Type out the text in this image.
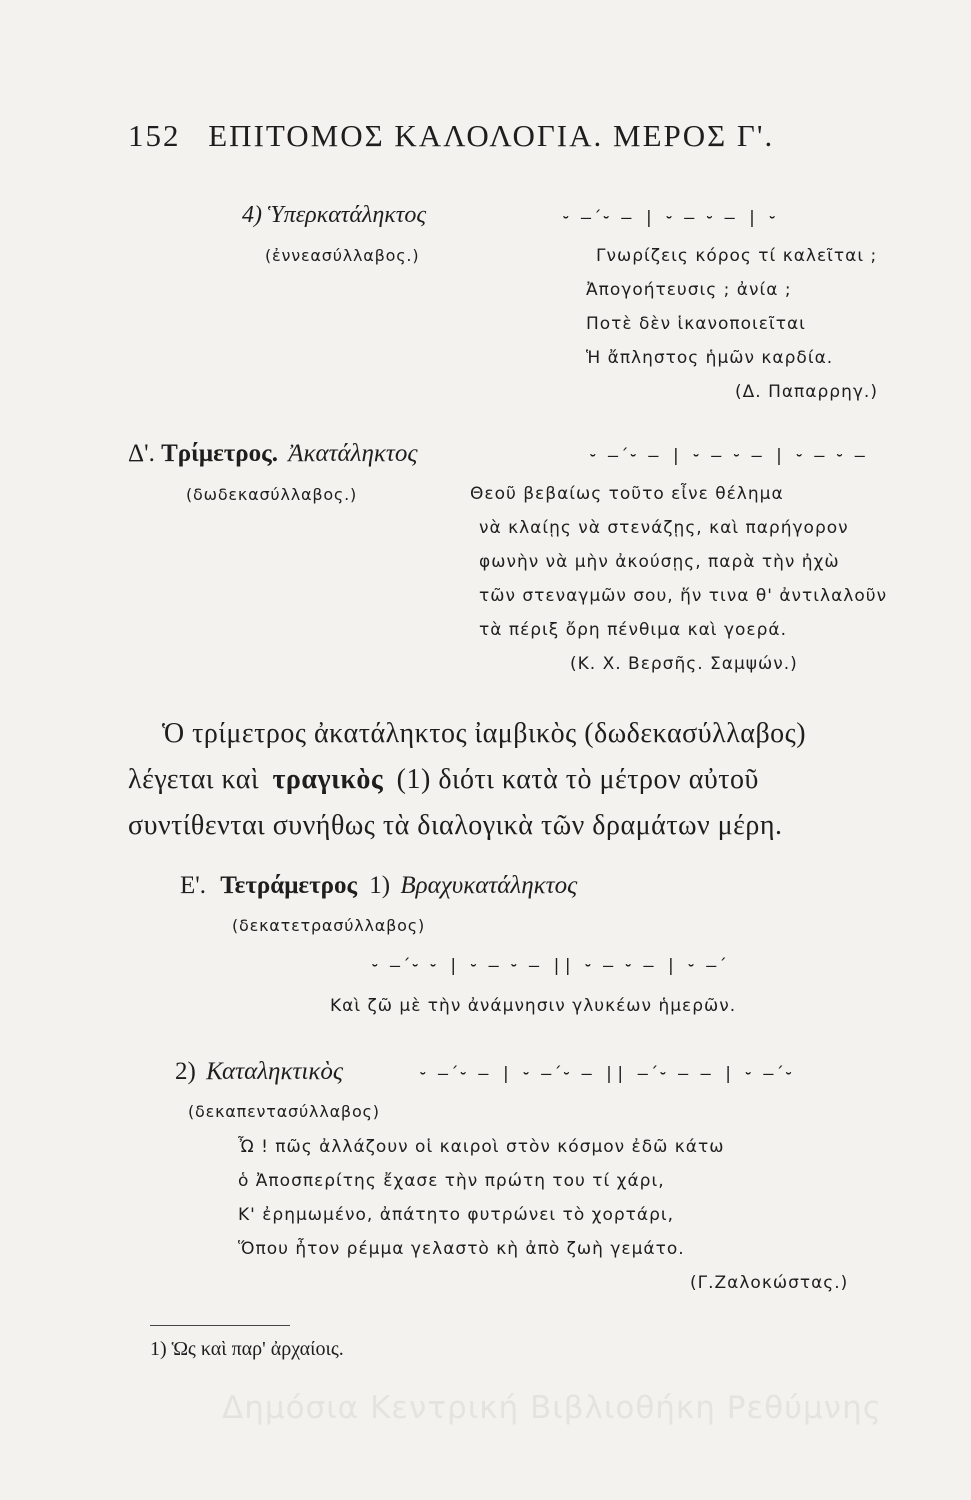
152 ΕΠΙΤΟΜΟΣ ΚΑΛΟΛΟΓΙΑ. ΜΕΡΟΣ Γ'.
4) Ὑπερκατάληκτος	⏑ –΄⏑ – | ⏑ – ⏑ – | ⏑
(ἐννεασύλλαβος.)	Γνωρίζεις κόρος τί καλεῖται ;
Ἀπογοήτευσις ; ἀνία ;
Ποτὲ δὲν ἱκανοποιεῖται
Ἡ ἄπληστος ἡμῶν καρδία.
(Δ. Παπαρρηγ.)
Δ'. Τρίμετρος. Ἀκατάληκτος	⏑ –΄⏑ – | ⏑ – ⏑ – | ⏑ – ⏑ –
(δωδεκασύλλαβος.)	Θεοῦ βεβαίως τοῦτο εἶνε θέλημα
νὰ κλαίῃς νὰ στενάζῃς, καὶ παρήγορον
φωνὴν νὰ μὴν ἀκούσῃς, παρὰ τὴν ἠχὼ
τῶν στεναγμῶν σου, ἥν τινα θ' ἀντιλαλοῦν
τὰ πέριξ ὄρη πένθιμα καὶ γοερά.
(Κ. Χ. Βερσῆς. Σαμψών.)
Ὁ τρίμετρος ἀκατάληκτος ἰαμβικὸς (δωδεκασύλλαβος)
λέγεται καὶ τραγικὸς (1) διότι κατὰ τὸ μέτρον αὐτοῦ
συντίθενται συνήθως τὰ διαλογικὰ τῶν δραμάτων μέρη.
Ε'. Τετράμετρος 1) Βραχυκατάληκτος
(δεκατετρασύλλαβος)
⏑ –΄⏑ ⏑ | ⏑ – ⏑ – || ⏑ – ⏑ – | ⏑ –΄
Καὶ ζῶ μὲ τὴν ἀνάμνησιν γλυκέων ἡμερῶν.
2) Καταληκτικὸς	⏑ –΄⏑ – | ⏑ –΄⏑ – || –΄⏑ – – | ⏑ –΄⏑
(δεκαπεντασύλλαβος)
Ὦ ! πῶς ἀλλάζουν οἱ καιροὶ στὸν κόσμον ἐδῶ κάτω
ὁ Ἀποσπερίτης ἔχασε τὴν πρώτη του τί χάρι,
Κ' ἐρημωμένο, ἀπάτητο φυτρώνει τὸ χορτάρι,
Ὅπου ἦτον ρέμμα γελαστὸ κὴ ἀπὸ ζωὴ γεμάτο.
(Γ.Ζαλοκώστας.)
1) Ὡς καὶ παρ' ἀρχαίοις.
Δημόσια Κεντρική Βιβλιοθήκη Ρεθύμνης
